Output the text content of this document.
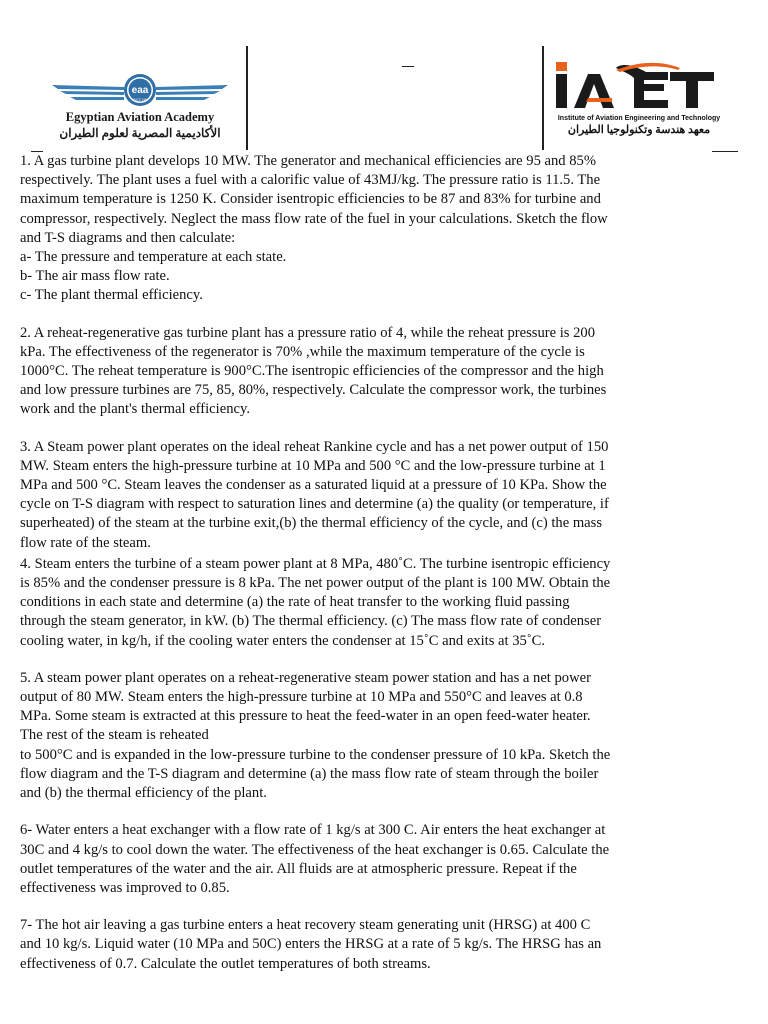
eaa
SINCE 1962
Egyptian Aviation Academy
الأكاديمية المصرية لعلوم الطيران
Institute of Aviation Engineering and Technology
معهد هندسة وتكنولوجيا الطيران

1. A gas turbine plant develops 10 MW. The generator and mechanical efficiencies are 95 and 85%
respectively. The plant uses a fuel with a calorific value of 43MJ/kg. The pressure ratio is 11.5. The
maximum temperature is 1250 K. Consider isentropic efficiencies to be 87 and 83% for turbine and
compressor, respectively. Neglect the mass flow rate of the fuel in your calculations. Sketch the flow
and T-S diagrams and then calculate:
a- The pressure and temperature at each state.
b- The air mass flow rate.
c- The plant thermal efficiency.

2. A reheat-regenerative gas turbine plant has a pressure ratio of 4, while the reheat pressure is 200
kPa. The effectiveness of the regenerator is 70% ,while the maximum temperature of the cycle is
1000°C. The reheat temperature is 900°C.The isentropic efficiencies of the compressor and the high
and low pressure turbines are 75, 85, 80%, respectively. Calculate the compressor work, the turbines
work and the plant's thermal efficiency.

3. A Steam power plant operates on the ideal reheat Rankine cycle and has a net power output of 150
MW. Steam enters the high-pressure turbine at 10 MPa and 500 °C and the low-pressure turbine at 1
MPa and 500 °C. Steam leaves the condenser as a saturated liquid at a pressure of 10 KPa. Show the
cycle on T-S diagram with respect to saturation lines and determine (a) the quality (or temperature, if
superheated) of the steam at the turbine exit,(b) the thermal efficiency of the cycle, and (c) the mass
flow rate of the steam.

4. Steam enters the turbine of a steam power plant at 8 MPa, 480˚C. The turbine isentropic efficiency
is 85% and the condenser pressure is 8 kPa. The net power output of the plant is 100 MW. Obtain the
conditions in each state and determine (a) the rate of heat transfer to the working fluid passing
through the steam generator, in kW. (b) The thermal efficiency. (c) The mass flow rate of condenser
cooling water, in kg/h, if the cooling water enters the condenser at 15˚C and exits at 35˚C.

5. A steam power plant operates on a reheat-regenerative steam power station and has a net power
output of 80 MW. Steam enters the high-pressure turbine at 10 MPa and 550°C and leaves at 0.8
MPa. Some steam is extracted at this pressure to heat the feed-water in an open feed-water heater.
The rest of the steam is reheated
to 500°C and is expanded in the low-pressure turbine to the condenser pressure of 10 kPa. Sketch the
flow diagram and the T-S diagram and determine (a) the mass flow rate of steam through the boiler
and (b) the thermal efficiency of the plant.

6- Water enters a heat exchanger with a flow rate of 1 kg/s at 300 C. Air enters the heat exchanger at
30C and 4 kg/s to cool down the water. The effectiveness of the heat exchanger is 0.65. Calculate the
outlet temperatures of the water and the air. All fluids are at atmospheric pressure. Repeat if the
effectiveness was improved to 0.85.

7- The hot air leaving a gas turbine enters a heat recovery steam generating unit (HRSG) at 400 C
and 10 kg/s. Liquid water (10 MPa and 50C) enters the HRSG at a rate of 5 kg/s. The HRSG has an
effectiveness of 0.7. Calculate the outlet temperatures of both streams.
